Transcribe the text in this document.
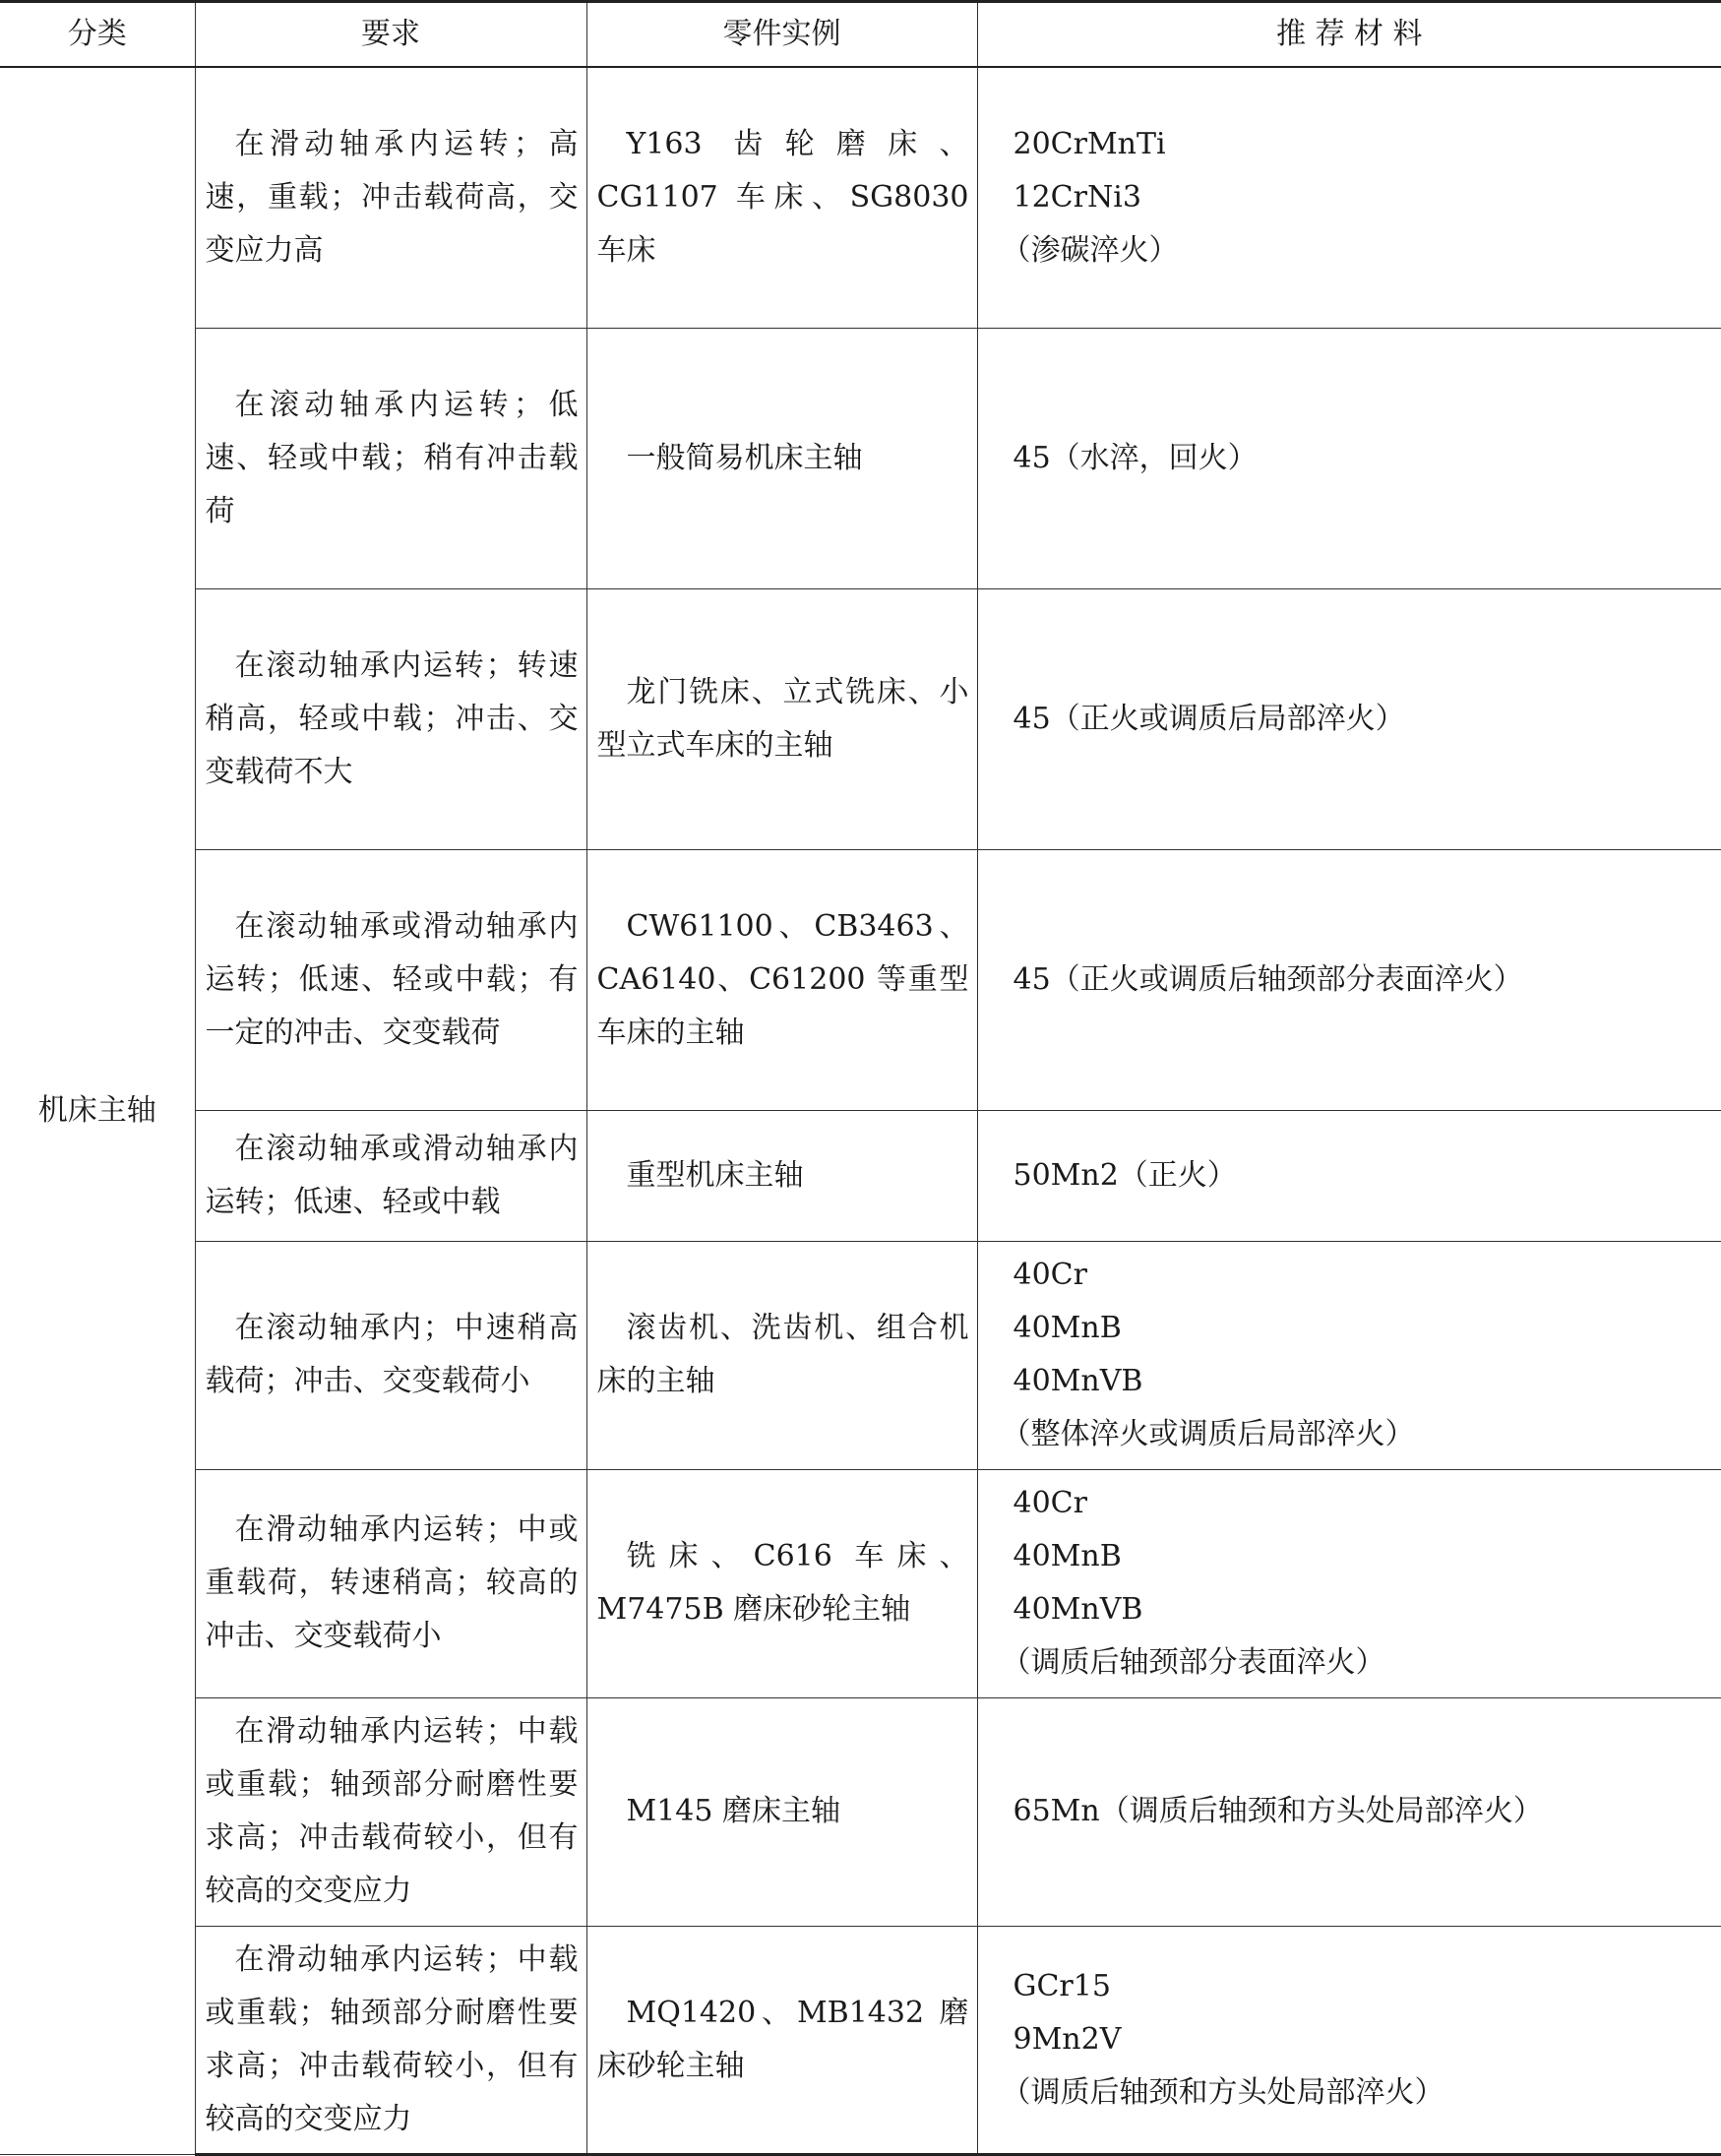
分类	要求	零件实例	推 荐 材 料
机床主轴	在滑动轴承内运转；高速，重载；冲击载荷高，交变应力高	Y163 齿轮磨床、CG1107 车床、SG8030 车床	20CrMnTi
12CrNi3
（渗碳淬火）

	在滚动轴承内运转；低速、轻或中载；稍有冲击载荷	一般简易机床主轴	45（水淬，回火）

	在滚动轴承内运转；转速稍高，轻或中载；冲击、交变载荷不大	龙门铣床、立式铣床、小型立式车床的主轴	45（正火或调质后局部淬火）

	在滚动轴承或滑动轴承内运转；低速、轻或中载；有一定的冲击、交变载荷	CW61100、CB3463、CA6140、C61200 等重型车床的主轴	45（正火或调质后轴颈部分表面淬火）

	在滚动轴承或滑动轴承内运转；低速、轻或中载	重型机床主轴	50Mn2（正火）

	在滚动轴承内；中速稍高载荷；冲击、交变载荷小	滚齿机、洗齿机、组合机床的主轴	40Cr
40MnB
40MnVB
（整体淬火或调质后局部淬火）

	在滑动轴承内运转；中或重载荷，转速稍高；较高的冲击、交变载荷小	铣床、C616 车床、M7475B 磨床砂轮主轴	40Cr
40MnB
40MnVB
（调质后轴颈部分表面淬火）

	在滑动轴承内运转；中载或重载；轴颈部分耐磨性要求高；冲击载荷较小，但有较高的交变应力	M145 磨床主轴	65Mn（调质后轴颈和方头处局部淬火）

	在滑动轴承内运转；中载或重载；轴颈部分耐磨性要求高；冲击载荷较小，但有较高的交变应力	MQ1420、MB1432 磨床砂轮主轴	GCr15
9Mn2V
（调质后轴颈和方头处局部淬火）
